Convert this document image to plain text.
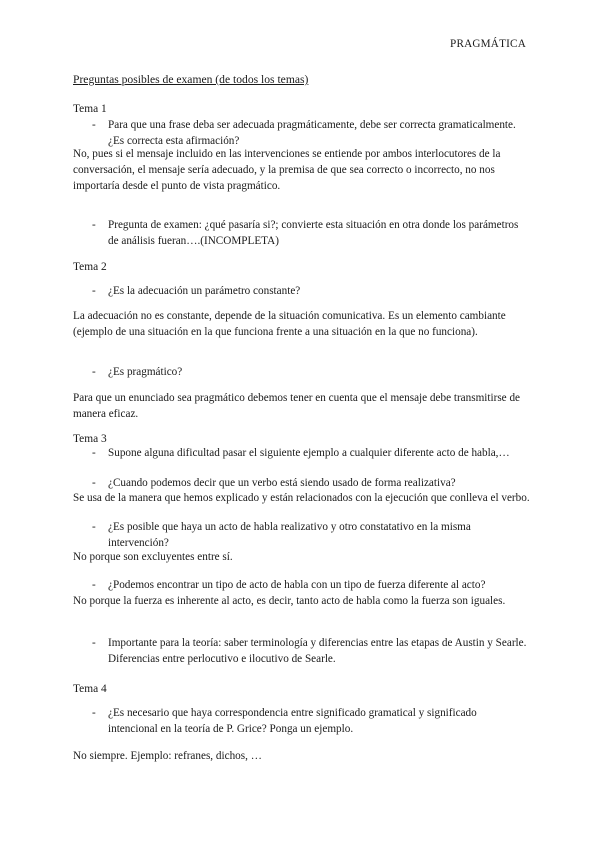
PRAGMÁTICA
Preguntas posibles de examen (de todos los temas)
Tema 1
- Para que una frase deba ser adecuada pragmáticamente, debe ser correcta gramaticalmente. ¿Es correcta esta afirmación?
No, pues si el mensaje incluido en las intervenciones se entiende por ambos interlocutores de la conversación, el mensaje sería adecuado, y la premisa de que sea correcto o incorrecto, no nos importaría desde el punto de vista pragmático.
- Pregunta de examen: ¿qué pasaría si?; convierte esta situación en otra donde los parámetros de análisis fueran….(INCOMPLETA)
Tema 2
- ¿Es la adecuación un parámetro constante?
La adecuación no es constante, depende de la situación comunicativa. Es un elemento cambiante (ejemplo de una situación en la que funciona frente a una situación en la que no funciona).
- ¿Es pragmático?
Para que un enunciado sea pragmático debemos tener en cuenta que el mensaje debe transmitirse de manera eficaz.
Tema 3
- Supone alguna dificultad pasar el siguiente ejemplo a cualquier diferente acto de habla,…
- ¿Cuando podemos decir que un verbo está siendo usado de forma realizativa?
Se usa de la manera que hemos explicado y están relacionados con la ejecución que conlleva el verbo.
- ¿Es posible que haya un acto de habla realizativo y otro constatativo en la misma intervención?
No porque son excluyentes entre sí.
- ¿Podemos encontrar un tipo de acto de habla con un tipo de fuerza diferente al acto?
No porque la fuerza es inherente al acto, es decir, tanto acto de habla como la fuerza son iguales.
- Importante para la teoría: saber terminología y diferencias entre las etapas de Austin y Searle. Diferencias entre perlocutivo e ilocutivo de Searle.
Tema 4
- ¿Es necesario que haya correspondencia entre significado gramatical y significado intencional en la teoría de P. Grice? Ponga un ejemplo.
No siempre. Ejemplo: refranes, dichos, …
